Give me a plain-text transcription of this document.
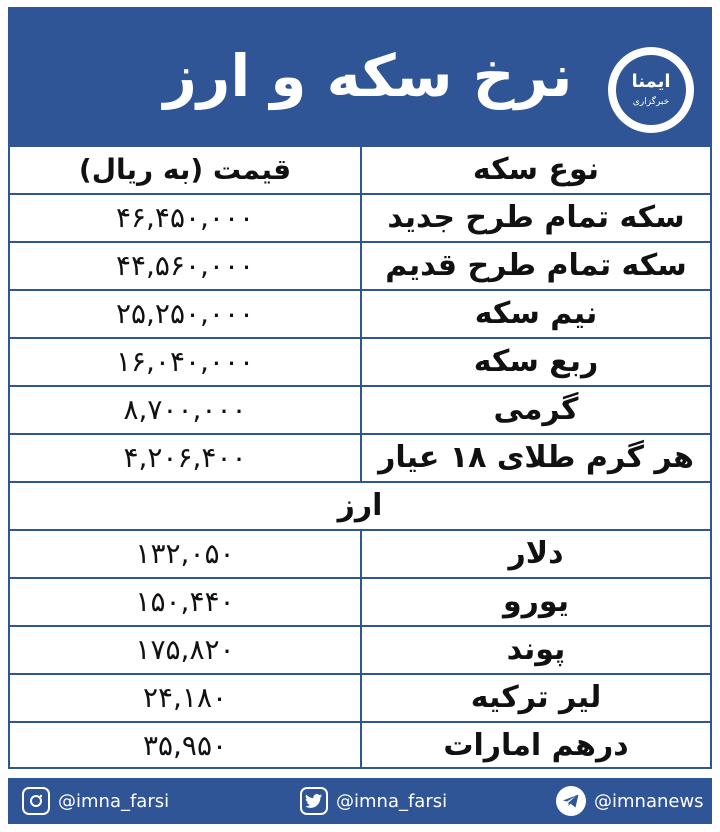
نرخ سکه و ارز	ایمنا
خبرگزاری
قیمت (به ریال)	نوع سکه
۴۶,۴۵۰,۰۰۰	سکه تمام طرح جدید
۴۴,۵۶۰,۰۰۰	سکه تمام طرح قدیم
۲۵,۲۵۰,۰۰۰	نیم سکه
۱۶,۰۴۰,۰۰۰	ربع سکه
۸,۷۰۰,۰۰۰	گرمی
۴,۲۰۶,۴۰۰	هر گرم طلای ۱۸ عیار
ارز
۱۳۲,۰۵۰	دلار
۱۵۰,۴۴۰	یورو
۱۷۵,۸۲۰	پوند
۲۴,۱۸۰	لیر ترکیه
۳۵,۹۵۰	درهم امارات
@imna_farsi	@imna_farsi	@imnanews
